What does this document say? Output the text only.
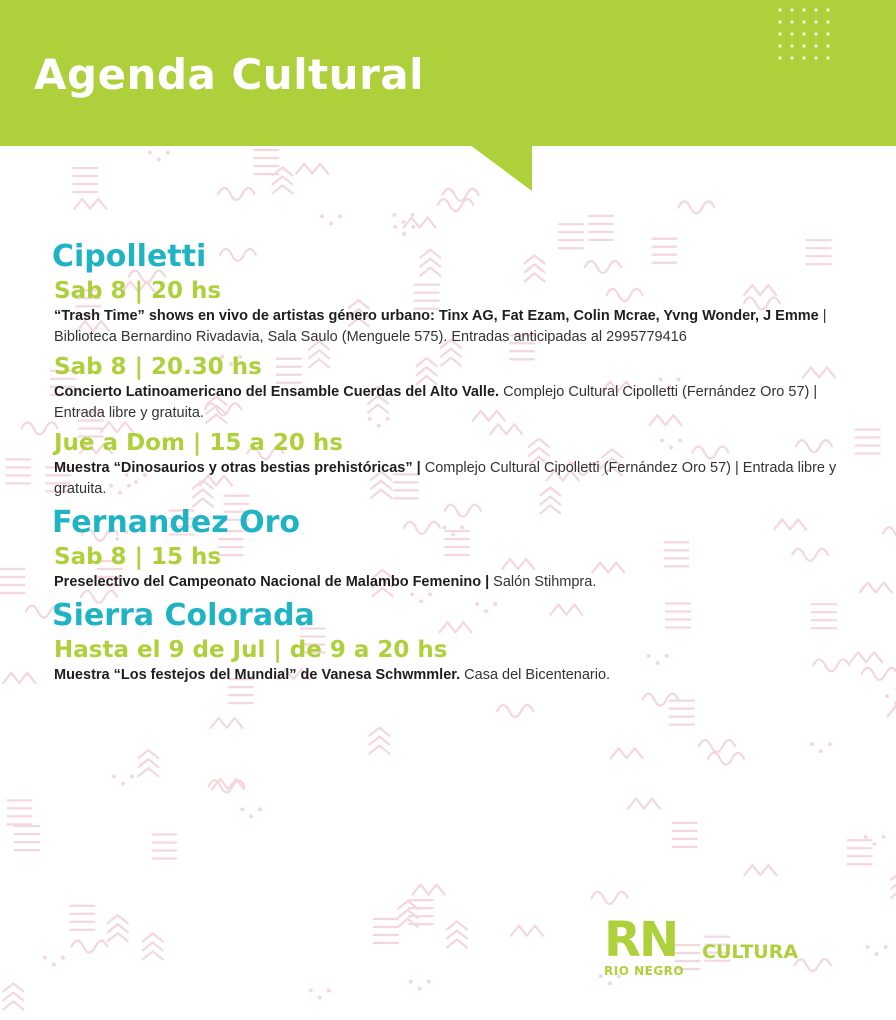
Agenda Cultural
Cipolletti
Sab 8 | 20 hs

“Trash Time” shows en vivo de artistas género urbano: Tinx AG, Fat Ezam, Colin Mcrae, Yvng Wonder, J Emme | Biblioteca Bernardino Rivadavia, Sala Saulo (Menguele 575). Entradas anticipadas al 2995779416

Sab 8 | 20.30 hs

Concierto Latinoamericano del Ensamble Cuerdas del Alto Valle. Complejo Cultural Cipolletti (Fernández Oro 57) | Entrada libre y gratuita.

Jue a Dom | 15 a 20 hs

Muestra “Dinosaurios y otras bestias prehistóricas” | Complejo Cultural Cipolletti (Fernández Oro 57) | Entrada libre y gratuita.

Fernandez Oro
Sab 8 | 15 hs

Preselectivo del Campeonato Nacional de Malambo Femenino | Salón Stihmpra.

Sierra Colorada
Hasta el 9 de Jul | de 9 a 20 hs

Muestra “Los festejos del Mundial” de Vanesa Schwmmler. Casa del Bicentenario.

RN
RIO NEGRO
CULTURA
